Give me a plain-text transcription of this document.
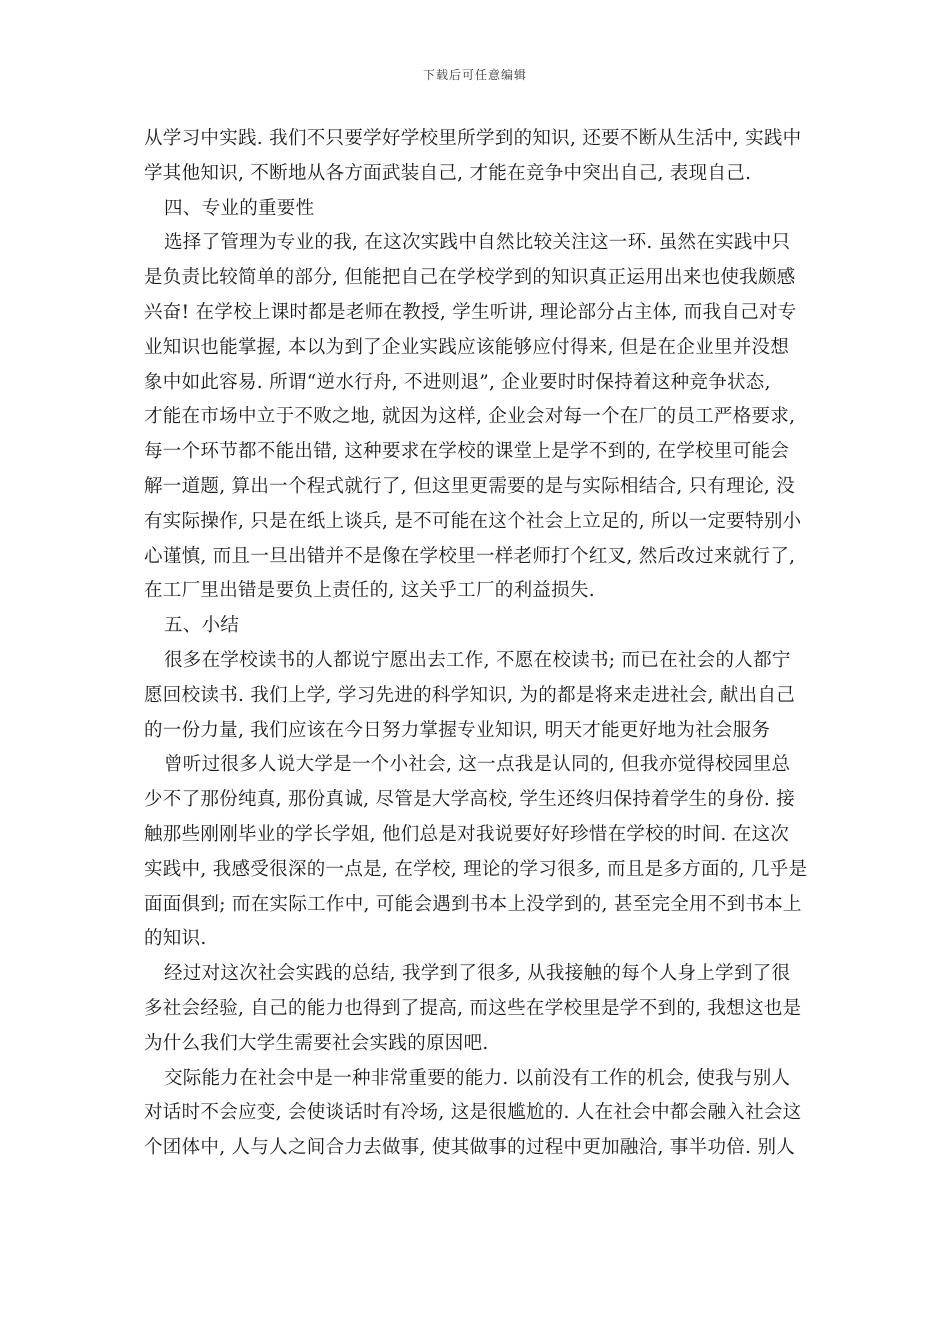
下载后可任意编辑
从学习中实践. 我们不只要学好学校里所学到的知识, 还要不断从生活中, 实践中
学其他知识, 不断地从各方面武装自己, 才能在竞争中突出自己, 表现自己.
四、专业的重要性
选择了管理为专业的我, 在这次实践中自然比较关注这一环. 虽然在实践中只
是负责比较简单的部分, 但能把自己在学校学到的知识真正运用出来也使我颇感
兴奋! 在学校上课时都是老师在教授, 学生听讲, 理论部分占主体, 而我自己对专
业知识也能掌握, 本以为到了企业实践应该能够应付得来, 但是在企业里并没想
象中如此容易. 所谓“逆水行舟, 不进则退”, 企业要时时保持着这种竞争状态,
才能在市场中立于不败之地, 就因为这样, 企业会对每一个在厂的员工严格要求,
每一个环节都不能出错, 这种要求在学校的课堂上是学不到的, 在学校里可能会
解一道题, 算出一个程式就行了, 但这里更需要的是与实际相结合, 只有理论, 没
有实际操作, 只是在纸上谈兵, 是不可能在这个社会上立足的, 所以一定要特别小
心谨慎, 而且一旦出错并不是像在学校里一样老师打个红叉, 然后改过来就行了,
在工厂里出错是要负上责任的, 这关乎工厂的利益损失.
五、小结
很多在学校读书的人都说宁愿出去工作, 不愿在校读书; 而已在社会的人都宁
愿回校读书. 我们上学, 学习先进的科学知识, 为的都是将来走进社会, 献出自己
的一份力量, 我们应该在今日努力掌握专业知识, 明天才能更好地为社会服务
曾听过很多人说大学是一个小社会, 这一点我是认同的, 但我亦觉得校园里总
少不了那份纯真, 那份真诚, 尽管是大学高校, 学生还终归保持着学生的身份. 接
触那些刚刚毕业的学长学姐, 他们总是对我说要好好珍惜在学校的时间. 在这次
实践中, 我感受很深的一点是, 在学校, 理论的学习很多, 而且是多方面的, 几乎是
面面俱到; 而在实际工作中, 可能会遇到书本上没学到的, 甚至完全用不到书本上
的知识.
经过对这次社会实践的总结, 我学到了很多, 从我接触的每个人身上学到了很
多社会经验, 自己的能力也得到了提高, 而这些在学校里是学不到的, 我想这也是
为什么我们大学生需要社会实践的原因吧.
交际能力在社会中是一种非常重要的能力. 以前没有工作的机会, 使我与别人
对话时不会应变, 会使谈话时有冷场, 这是很尴尬的. 人在社会中都会融入社会这
个团体中, 人与人之间合力去做事, 使其做事的过程中更加融洽, 事半功倍. 别人
